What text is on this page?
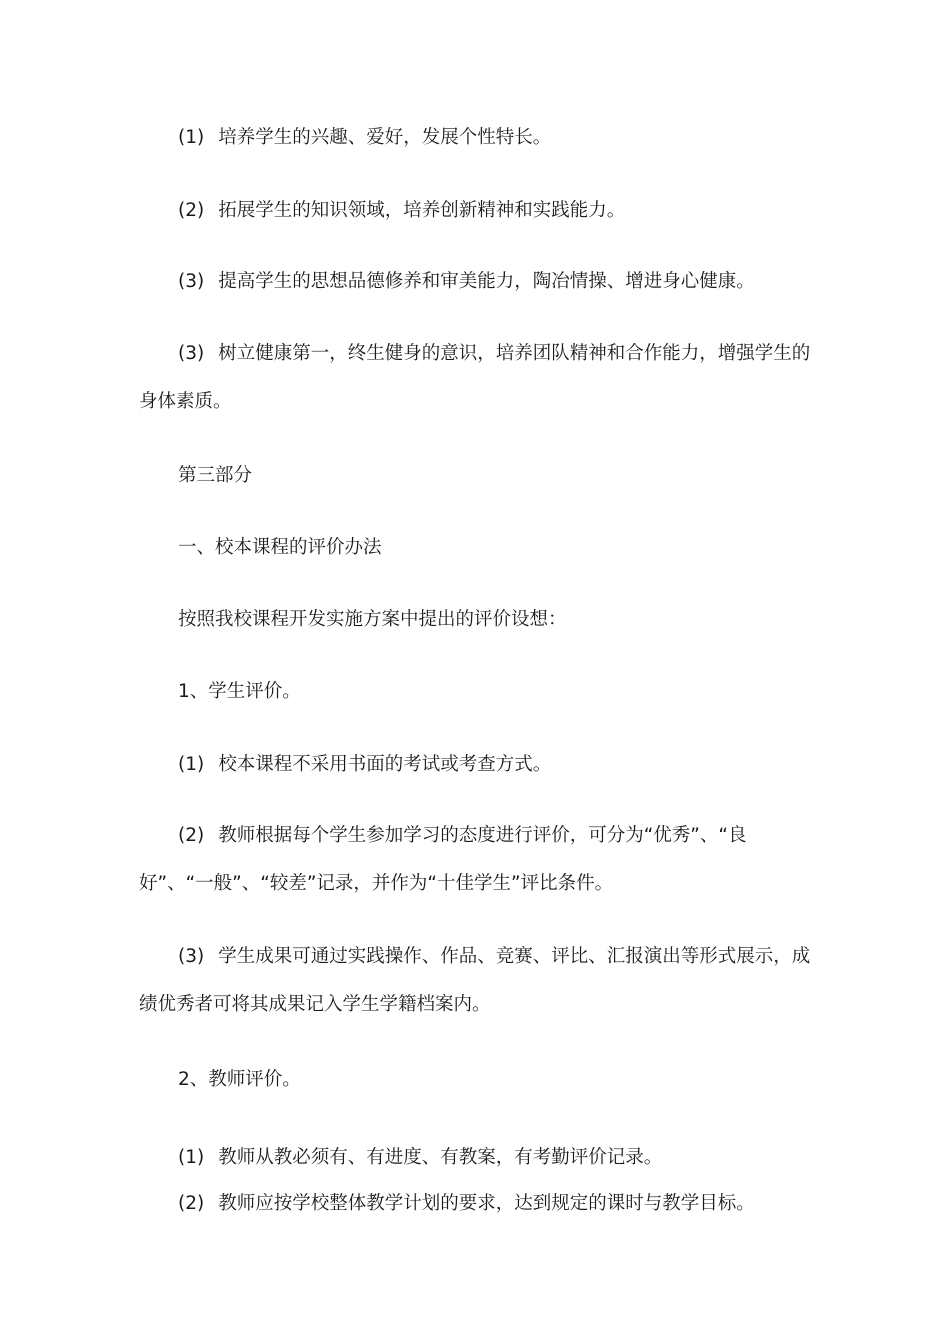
(1) 培养学生的兴趣、爱好，发展个性特长。
(2) 拓展学生的知识领域，培养创新精神和实践能力。
(3) 提高学生的思想品德修养和审美能力，陶冶情操、增进身心健康。
(3) 树立健康第一，终生健身的意识，培养团队精神和合作能力，增强学生的身体素质。
第三部分
一、校本课程的评价办法
按照我校课程开发实施方案中提出的评价设想：
1、学生评价。
(1) 校本课程不采用书面的考试或考查方式。
(2) 教师根据每个学生参加学习的态度进行评价，可分为“优秀”、“良好”、“一般”、“较差”记录，并作为“十佳学生”评比条件。
(3) 学生成果可通过实践操作、作品、竞赛、评比、汇报演出等形式展示，成绩优秀者可将其成果记入学生学籍档案内。
2、教师评价。
(1) 教师从教必须有、有进度、有教案，有考勤评价记录。
(2) 教师应按学校整体教学计划的要求，达到规定的课时与教学目标。
